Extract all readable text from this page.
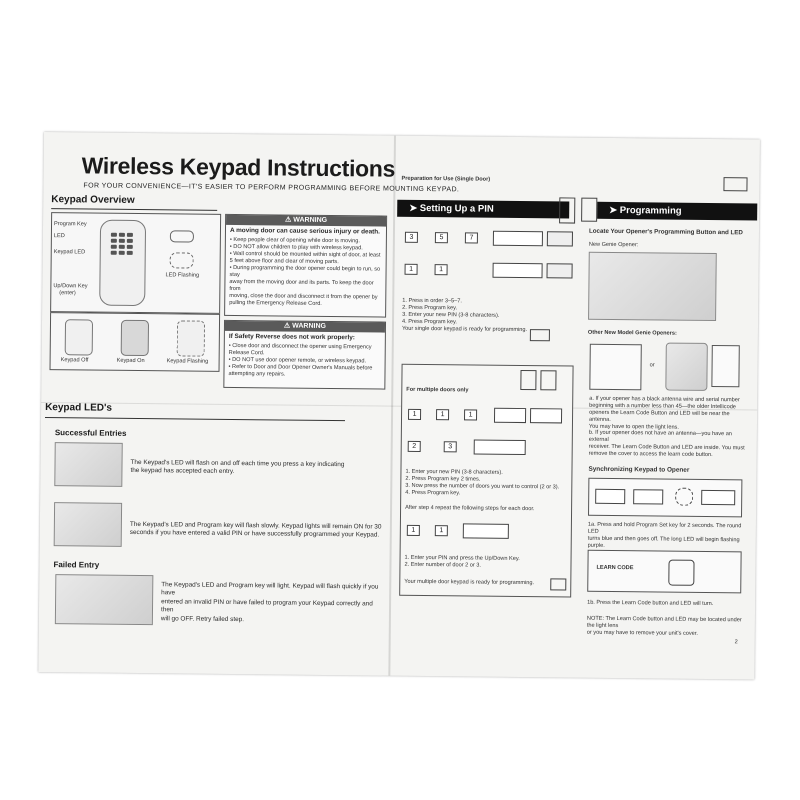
Wireless Keypad Instructions
FOR YOUR CONVENIENCE—IT'S EASIER TO PERFORM PROGRAMMING BEFORE MOUNTING KEYPAD.
Keypad Overview
Program Key
LED
Keypad LED
Up/Down Key
(enter)
LED Flashing
Keypad Off	Keypad On	Keypad Flashing
⚠ WARNING
A moving door can cause serious injury or death.
• Keep people clear of opening while door is moving.
• DO NOT allow children to play with wireless keypad.
• Wall control should be mounted within sight of door, at least
5 feet above floor and clear of moving parts.
• During programming the door opener could begin to run, so stay
away from the moving door and its parts. To keep the door from
moving, close the door and disconnect it from the opener by
pulling the Emergency Release Cord.
⚠ WARNING
If Safety Reverse does not work properly:
• Close door and disconnect the opener using Emergency
Release Cord.
• DO NOT use door opener remote, or wireless keypad.
• Refer to Door and Door Opener Owner's Manuals before
attempting any repairs.
Keypad LED's
Successful Entries
The Keypad's LED will flash on and off each time you press a key indicating
the keypad has accepted each entry.
The Keypad's LED and Program key will flash slowly. Keypad lights will remain ON for 30
seconds if you have entered a valid PIN or have successfully programmed your Keypad.
Failed Entry
The Keypad's LED and Program key will light. Keypad will flash quickly if you have
entered an invalid PIN or have failed to program your Keypad correctly and then
will go OFF. Retry failed step.
Preparation for Use (Single Door)
➤ Setting Up a PIN
3	5	7
1	1
1. Press in order 3–5–7.
2. Press Program key.
3. Enter your new PIN (3-8 characters).
4. Press Program key.
Your single door keypad is ready for programming.
For multiple doors only
1	1	1
2	3
1. Enter your new PIN (3-8 characters).
2. Press Program key 2 times.
3. Now press the number of doors you want to control (2 or 3).
4. Press Program key.
After step 4 repeat the following steps for each door.
1	1
1. Enter your PIN and press the Up/Down Key.
2. Enter number of door 2 or 3.
Your multiple door keypad is ready for programming.
➤ Programming
Locate Your Opener's Programming Button and LED
New Genie Opener:
Other New Model Genie Openers:
or
a. If your opener has a black antenna wire and serial number
beginning with a number less than 45—the older Intellicode
openers the Learn Code Button and LED will be near the antenna.
You may have to open the light lens.
b. If your opener does not have an antenna—you have an external
receiver. The Learn Code Button and LED are inside. You must
remove the cover to access the learn code button.
Synchronizing Keypad to Opener
1a. Press and hold Program Set key for 2 seconds. The round LED
turns blue and then goes off. The long LED will begin flashing
purple.
LEARN CODE
1b. Press the Learn Code button and LED will turn.
NOTE: The Learn Code button and LED may be located under the light lens
or you may have to remove your unit's cover.
2
